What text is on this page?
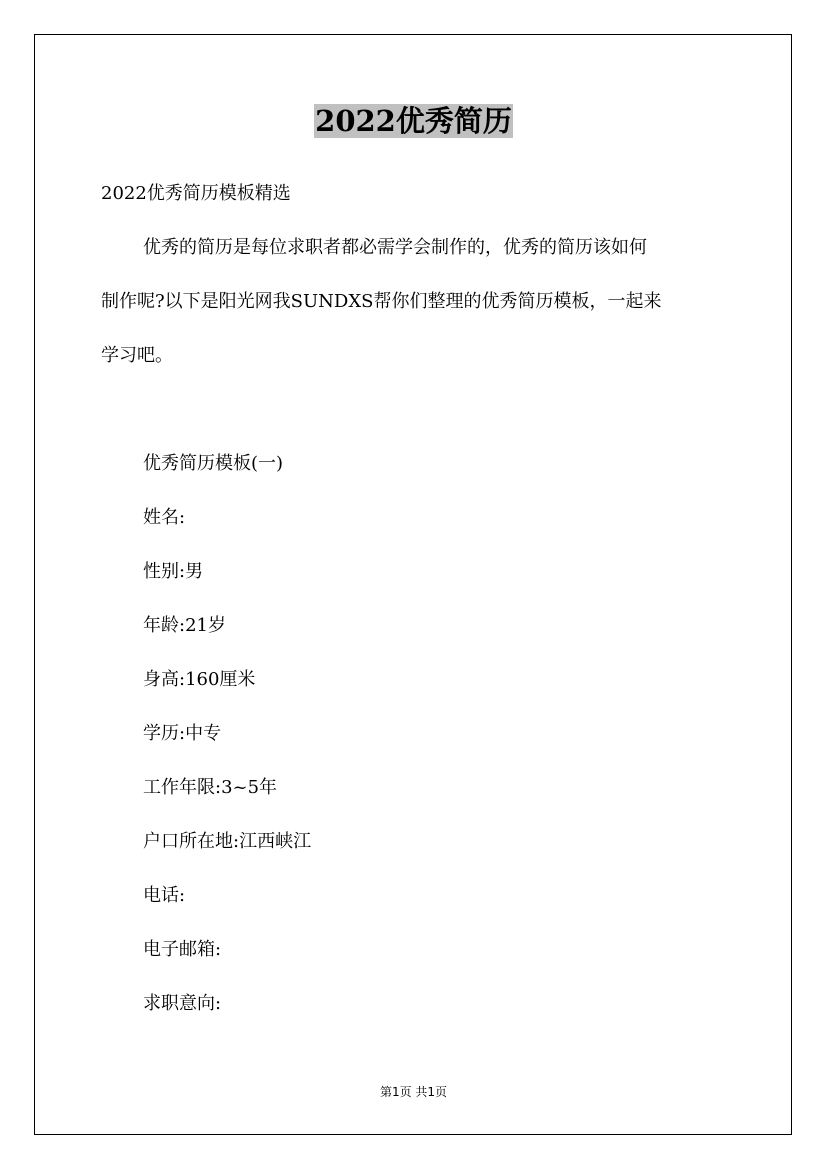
2022优秀简历
2022优秀简历模板精选
优秀的简历是每位求职者都必需学会制作的，优秀的简历该如何
制作呢?以下是阳光网我SUNDXS帮你们整理的优秀简历模板，一起来
学习吧。
优秀简历模板(一)
姓名:
性别:男
年龄:21岁
身高:160厘米
学历:中专
工作年限:3~5年
户口所在地:江西峡江
电话:
电子邮箱:
求职意向:
第1页 共1页
